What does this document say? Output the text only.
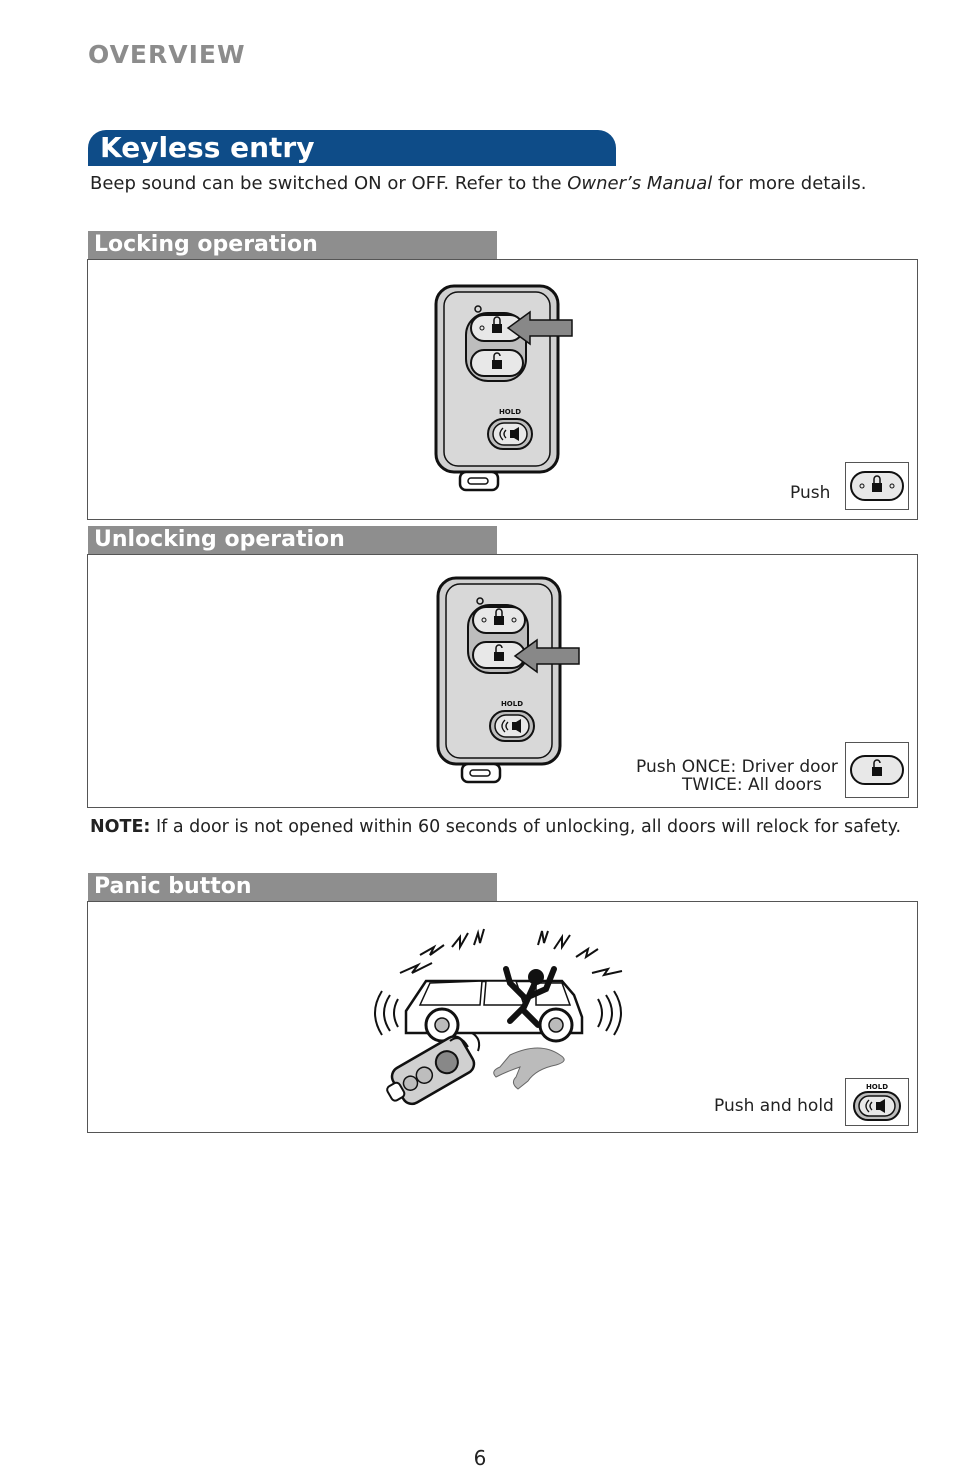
OVERVIEW
Keyless entry
Beep sound can be switched ON or OFF. Refer to the Owner’s Manual for more details.
Locking operation
HOLD
Push
Unlocking operation
HOLD
Push ONCE: Driver door
TWICE: All doors
NOTE: If a door is not opened within 60 seconds of unlocking, all doors will relock for safety.
Panic button
Push and hold
HOLD
6
